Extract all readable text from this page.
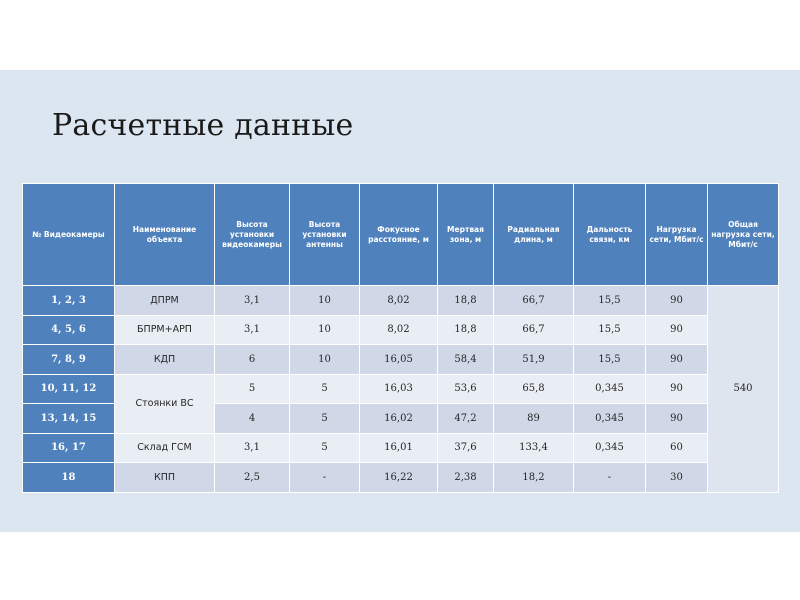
Расчетные данные
№ Видеокамеры	Наименование объекта	Высота установки видеокамеры	Высота установки антенны	Фокусное расстояние, м	Мертвая зона, м	Радиальная длина, м	Дальность связи, км	Нагрузка сети, Мбит/с	Общая нагрузка сети, Мбит/с
1, 2, 3	ДПРМ	3,1	10	8,02	18,8	66,7	15,5	90	540
4, 5, 6	БПРМ+АРП	3,1	10	8,02	18,8	66,7	15,5	90	
7, 8, 9	КДП	6	10	16,05	58,4	51,9	15,5	90	
10, 11, 12	Стоянки ВС	5	5	16,03	53,6	65,8	0,345	90	
13, 14, 15		4	5	16,02	47,2	89	0,345	90	
16, 17	Склад ГСМ	3,1	5	16,01	37,6	133,4	0,345	60	
18	КПП	2,5	-	16,22	2,38	18,2	-	30	
